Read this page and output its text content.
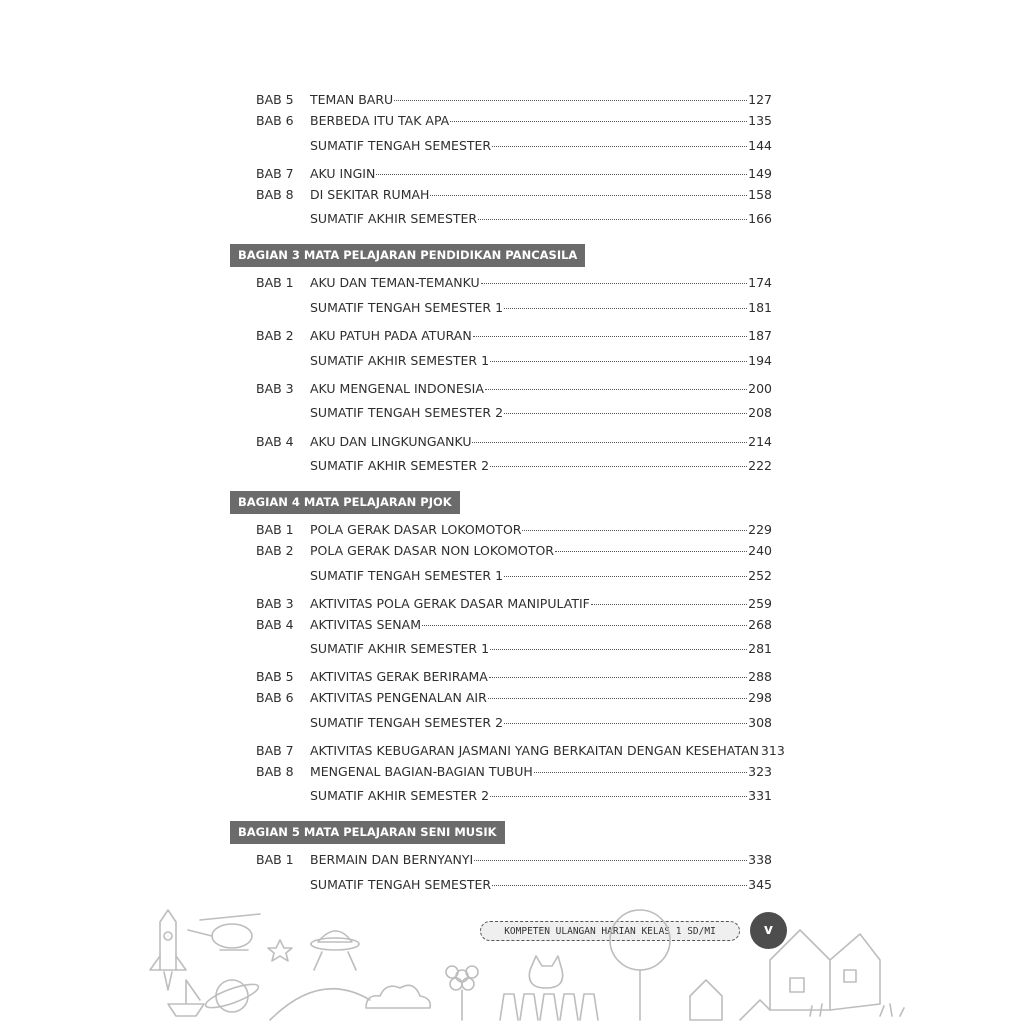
BAB 5	TEMAN BARU	127
BAB 6	BERBEDA ITU TAK APA	135
SUMATIF TENGAH SEMESTER	144
BAB 7	AKU INGIN	149
BAB 8	DI SEKITAR RUMAH	158
SUMATIF AKHIR SEMESTER	166
BAGIAN 3 MATA PELAJARAN PENDIDIKAN PANCASILA
BAB 1	AKU DAN TEMAN-TEMANKU	174
SUMATIF TENGAH SEMESTER 1	181
BAB 2	AKU PATUH PADA ATURAN	187
SUMATIF AKHIR SEMESTER 1	194
BAB 3	AKU MENGENAL INDONESIA	200
SUMATIF TENGAH SEMESTER 2	208
BAB 4	AKU DAN LINGKUNGANKU	214
SUMATIF AKHIR SEMESTER 2	222
BAGIAN 4 MATA PELAJARAN PJOK
BAB 1	POLA GERAK DASAR LOKOMOTOR	229
BAB 2	POLA GERAK DASAR NON LOKOMOTOR	240
SUMATIF TENGAH SEMESTER 1	252
BAB 3	AKTIVITAS POLA GERAK DASAR MANIPULATIF	259
BAB 4	AKTIVITAS SENAM	268
SUMATIF AKHIR SEMESTER 1	281
BAB 5	AKTIVITAS GERAK BERIRAMA	288
BAB 6	AKTIVITAS PENGENALAN AIR	298
SUMATIF TENGAH SEMESTER 2	308
BAB 7	AKTIVITAS KEBUGARAN JASMANI YANG BERKAITAN DENGAN KESEHATAN 313
BAB 8	MENGENAL BAGIAN-BAGIAN TUBUH	323
SUMATIF AKHIR SEMESTER 2	331
BAGIAN 5 MATA PELAJARAN SENI MUSIK
BAB 1	BERMAIN DAN BERNYANYI	338
SUMATIF TENGAH SEMESTER	345
KOMPETEN ULANGAN HARIAN KELAS 1 SD/MI	v
